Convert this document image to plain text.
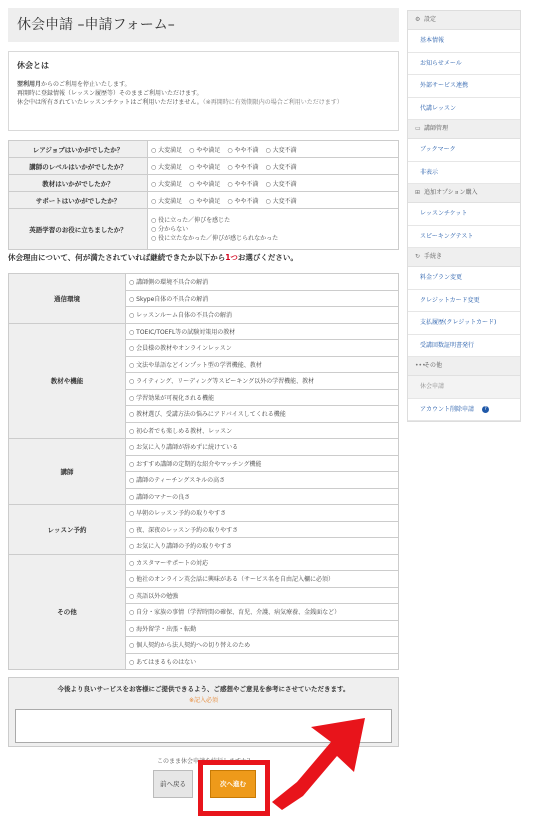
休会申請 –申請フォーム–
休会とは

翌利用月からのご利用を停止いたします。

再開時に登録情報（レッスン履歴等）そのままご利用いただけます。

休会中は所有されていたレッスンチケットはご利用いただけません。（※再開時に有効期限内の場合ご利用いただけます）

レアジョブはいかがでしたか？	○ 大変満足 ○ やや満足 ○ やや不満 ○ 大変不満
講師のレベルはいかがでしたか？	○ 大変満足 ○ やや満足 ○ やや不満 ○ 大変不満
教材はいかがでしたか？	○ 大変満足 ○ やや満足 ○ やや不満 ○ 大変不満
サポートはいかがでしたか？	○ 大変満足 ○ やや満足 ○ やや不満 ○ 大変不満
英語学習のお役に立ちましたか？	○ 役に立った／伸びを感じた
○ 分からない
○ 役に立たなかった／伸びが感じられなかった
休会理由について、何が満たされていれば継続できたか以下から1つお選びください。
通信環境	○ 講師側の環境不具合の解消
	○ Skype自体の不具合の解消
	○ レッスンルーム自体の不具合の解消
教材や機能	○ TOEIC/TOEFL等の試験対策用の教材
	○ 会員様の教材やオンラインレッスン
	○ 文法や単語などインプット型の学習機能、教材
	○ ライティング、リーディング等スピーキング以外の学習機能、教材
	○ 学習効果が可視化される機能
	○ 教材選び、受講方法の悩みにアドバイスしてくれる機能
	○ 初心者でも楽しめる教材、レッスン
講師	○ お気に入り講師が辞めずに続けている
	○ おすすめ講師の定期的な紹介やマッチング機能
	○ 講師のティーチングスキルの高さ
	○ 講師のマナーの良さ
レッスン予約	○ 早朝のレッスン予約の取りやすさ
	○ 夜、深夜のレッスン予約の取りやすさ
	○ お気に入り講師の予約の取りやすさ
その他	○ カスタマーサポートの対応
	○ 他社のオンライン英会話に興味がある（サービス名を自由記入欄に必須）
	○ 英語以外の勉強
	○ 自分・家族の事情（学習時間の確保、育児、介護、病気療養、金銭面など）
	○ 海外留学・出張・転勤
	○ 個人契約から法人契約への切り替えのため
	○ あてはまるものはない
今後より良いサービスをお客様にご提供できるよう、ご感想やご意見を参考にさせていただきます。
※記入必須
このまま休会申請を続行しますか？
前へ戻る	次へ進む
⚙ 設定
基本情報
お知らせメール
外部サービス連携
代講レッスン
▭ 講師管理
ブックマーク
非表示
⊞ 追加オプション購入
レッスンチケット
スピーキングテスト
↻ 手続き
料金プラン変更
クレジットカード変更
支払履歴(クレジットカード)
受講回数証明書発行
•••その他
休会申請
アカウント削除申請 ?
